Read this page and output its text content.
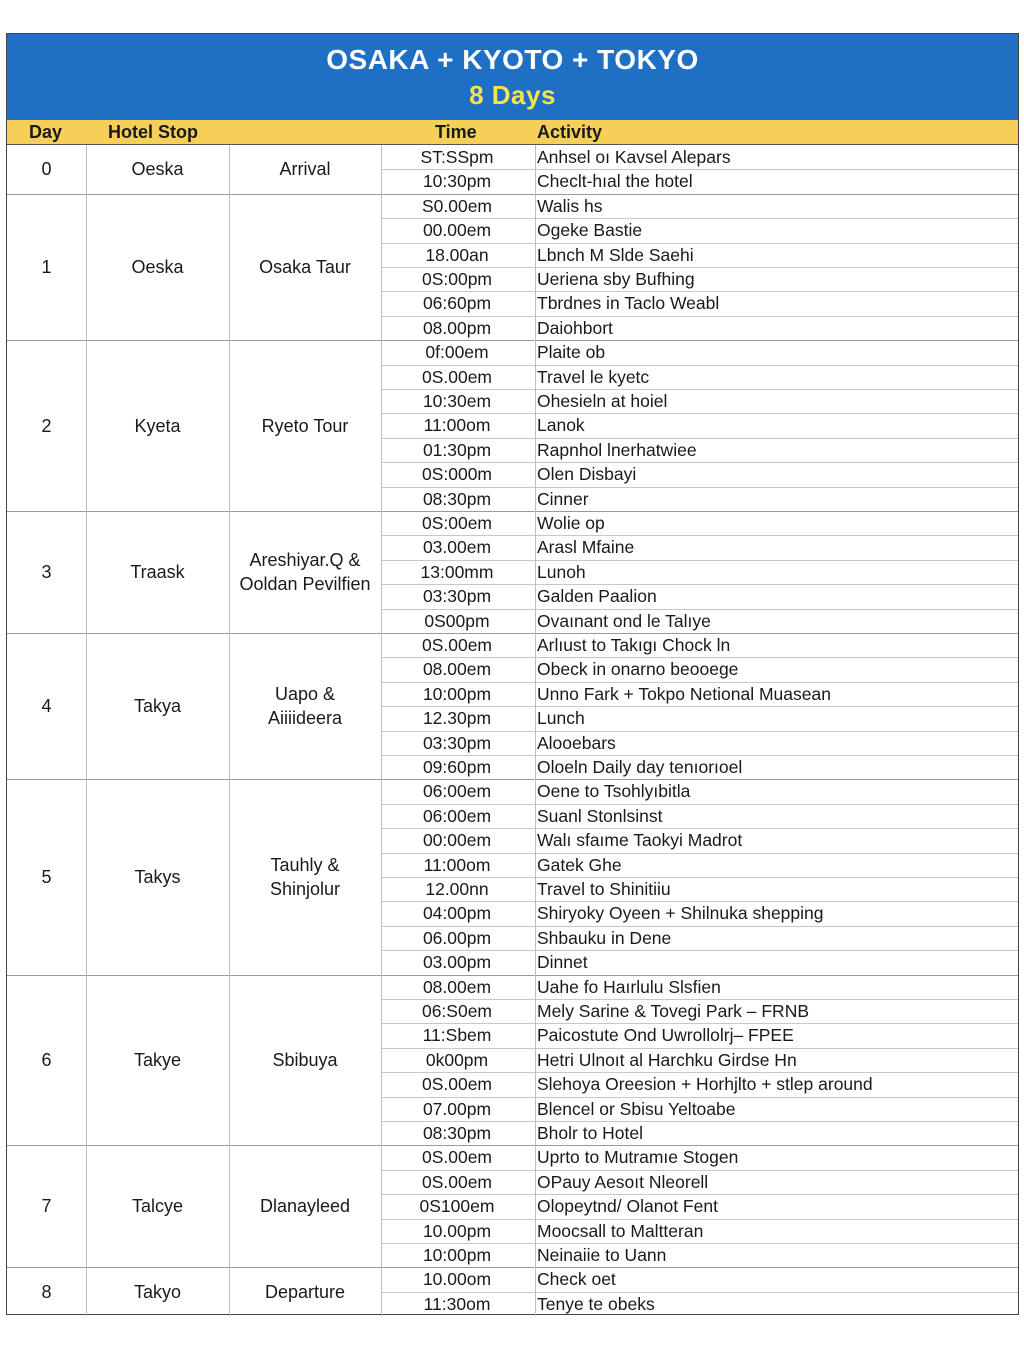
OSAKA + KYOTO + TOKYO
8 Days
Day	Hotel Stop	Time	Activity
0	Oeska	Arrival
ST:SSpm	Anhsel oı Kavsel Alepars
10:30pm	Checlt-hıal the hotel
1	Oeska	Osaka Taur
S0.00em	Walis hs
00.00em	Ogeke Bastie
18.00an	Lbnch M Slde Saehi
0S:00pm	Ueriena sby Bufhing
06:60pm	Tbrdnes in Taclo Weabl
08.00pm	Daiohbort
2	Kyeta	Ryeto Tour
0f:00em	Plaite ob
0S.00em	Travel le kyetc
10:30em	Ohesieln at hoiel
11:00om	Lanok
01:30pm	Rapnhol lnerhatwiee
0S:000m	Olen Disbayi
08:30pm	Cinner
3	Traask
Areshiyar.Q &
Ooldan Pevilfien
0S:00em	Wolie op
03.00em	Arasl Mfaine
13:00mm	Lunoh
03:30pm	Galden Paalion
0S00pm	Ovaınant ond le Talıye
4	Takya
Uapo &
Aiiiideera
0S.00em	Arlıust to Takıgı Chock ln
08.00em	Obeck in onarno beooege
10:00pm	Unno Fark + Tokpo Netional Muasean
12.30pm	Lunch
03:30pm	Alooebars
09:60pm	Oloeln Daily day tenıorıoel
5	Takys
Tauhly &
Shinjolur
06:00em	Oene to Tsohlyıbitla
06:00em	Suanl Stonlsinst
00:00em	Walı sfaıme Taokyi Madrot
11:00om	Gatek Ghe
12.00nn	Travel to Shinitiiu
04:00pm	Shiryoky Oyeen + Shilnuka shepping
06.00pm	Shbauku in Dene
03.00pm	Dinnet
6	Takye	Sbibuya
08.00em	Uahe fo Haırlulu Slsfien
06:S0em	Mely Sarine & Tovegi Park – FRNB
11:Sbem	Paicostute Ond Uwrollolrj– FPEE
0k00pm	Hetri Ulnoıt al Harchku Girdse Hn
0S.00em	Slehoya Oreesion + Horhjlto + stlep around
07.00pm	Blencel or Sbisu Yeltoabe
08:30pm	Bholr to Hotel
7	Talcye	Dlanayleed
0S.00em	Uprto to Mutramıe Stogen
0S.00em	OPauy Aesoıt Nleorell
0S100em	Olopeytnd/ Olanot Fent
10.00pm	Moocsall to Maltteran
10:00pm	Neinaiie to Uann
8	Takyo	Departure
10.00om	Check oet
11:30om	Tenye te obeks
